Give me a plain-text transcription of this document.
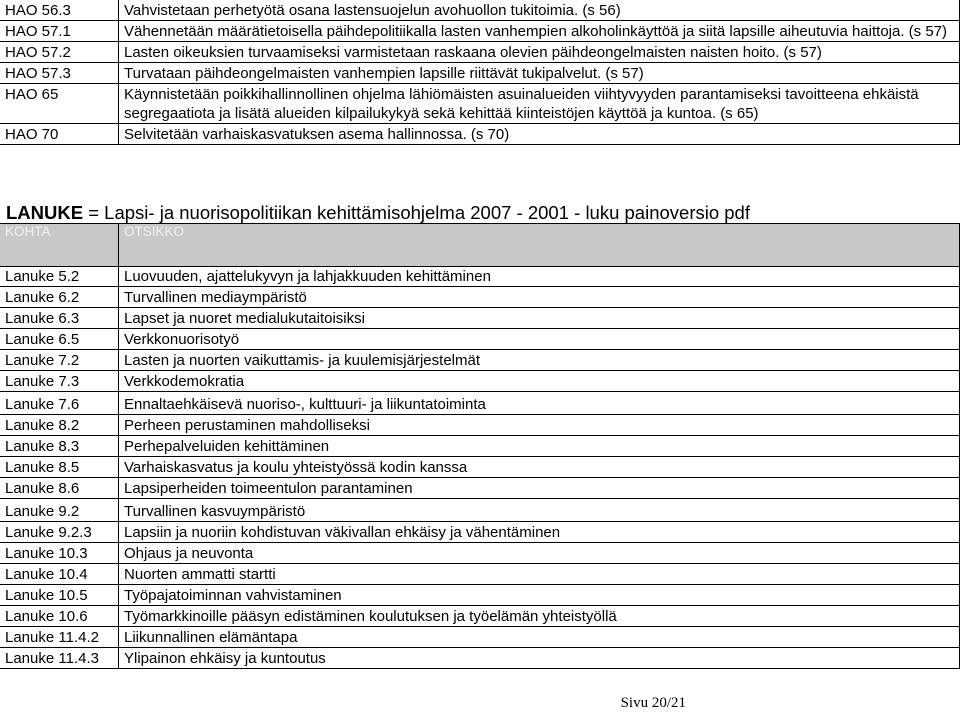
HAO 56.3	Vahvistetaan perhetyötä osana lastensuojelun avohuollon tukitoimia. (s 56)
HAO 57.1	Vähennetään määrätietoisella päihdepolitiikalla lasten vanhempien alkoholinkäyttöä ja siitä lapsille aiheutuvia haittoja. (s 57)
HAO 57.2	Lasten oikeuksien turvaamiseksi varmistetaan raskaana olevien päihdeongelmaisten naisten hoito. (s 57)
HAO 57.3	Turvataan päihdeongelmaisten vanhempien lapsille riittävät tukipalvelut. (s 57)
HAO 65	Käynnistetään poikkihallinnollinen ohjelma lähiömäisten asuinalueiden viihtyvyyden parantamiseksi tavoitteena ehkäistä segregaatiota ja lisätä alueiden kilpailukykyä sekä kehittää kiinteistöjen käyttöä ja kuntoa. (s 65)
HAO 70	Selvitetään varhaiskasvatuksen asema hallinnossa. (s 70)
LANUKE = Lapsi- ja nuorisopolitiikan kehittämisohjelma 2007 - 2001 - luku painoversio pdf
KOHTA	OTSIKKO
Lanuke 5.2	Luovuuden, ajattelukyvyn ja lahjakkuuden kehittäminen
Lanuke 6.2	Turvallinen mediaympäristö
Lanuke 6.3	Lapset ja nuoret medialukutaitoisiksi
Lanuke 6.5	Verkkonuorisotyö
Lanuke 7.2	Lasten ja nuorten vaikuttamis- ja kuulemisjärjestelmät
Lanuke 7.3	Verkkodemokratia
Lanuke 7.6	Ennaltaehkäisevä nuoriso-, kulttuuri- ja liikuntatoiminta
Lanuke 8.2	Perheen perustaminen mahdolliseksi
Lanuke 8.3	Perhepalveluiden kehittäminen
Lanuke 8.5	Varhaiskasvatus ja koulu yhteistyössä kodin kanssa
Lanuke 8.6	Lapsiperheiden toimeentulon parantaminen
Lanuke 9.2	Turvallinen kasvuympäristö
Lanuke 9.2.3	Lapsiin ja nuoriin kohdistuvan väkivallan ehkäisy ja vähentäminen
Lanuke 10.3	Ohjaus ja neuvonta
Lanuke 10.4	Nuorten ammatti startti
Lanuke 10.5	Työpajatoiminnan vahvistaminen
Lanuke 10.6	Työmarkkinoille pääsyn edistäminen koulutuksen ja työelämän yhteistyöllä
Lanuke 11.4.2	Liikunnallinen elämäntapa
Lanuke 11.4.3	Ylipainon ehkäisy ja kuntoutus
Sivu 20/21
